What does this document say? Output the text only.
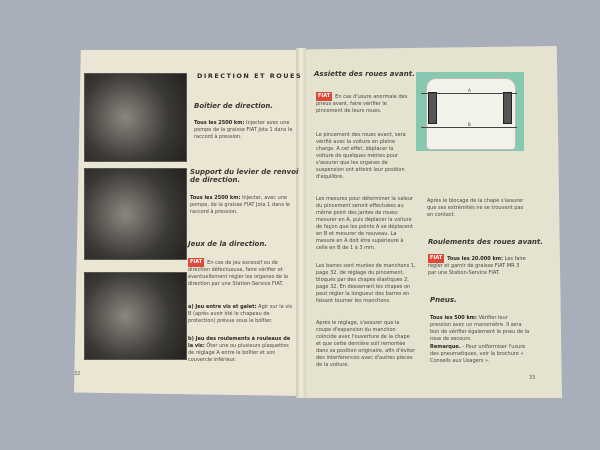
DIRECTION ET ROUES
Boîtier de direction.
Tous les 2500 km: Injecter avec une pompe de la graisse FIAT Jota 1 dans le raccord à pression.
Support du levier de renvoi de direction.
Tous les 2500 km: Injecter, avec une pompe, de la graisse FIAT Jota 1 dans le raccord à pression.
Jeux de la direction.
FIAT En cas de jeu excessif ou de direction défectueuse, faire vérifier et éventuellement régler les organes de la direction par une Station-Service FIAT.
a) Jeu entre vis et galet: Agir sur la vis B (après avoir ôté le chapeau de protection) prévue sous le boîtier.
b) Jeu des roulements à rouleaux de la vis: Ôter une ou plusieurs plaquettes de réglage A entre le boîtier et son couvercle inférieur.
32
Assiette des roues avant.
FIAT En cas d'usure anormale des pneus avant, faire vérifier le pincement de leurs roues.
Le pincement des roues avant, sera vérifié avec la voiture en pleine charge. A cet effet, déplacer la voiture de quelques mètres pour s'assurer que les organes de suspension ont atteint leur position d'équilibre.
Les mesures pour déterminer la valeur du pincement seront effectuées au même point des jantes de roues: mesurer en A, puis déplacer la voiture de façon que les points A se déplacent en B et mesurer de nouveau. La mesure en A doit être supérieure à celle en B de 1 à 3 mm.
Les barres sont munies de manchons 1, page 32, de réglage du pincement, bloqués par des chapes élastiques 2, page 32. En desserrant les chapes on peut régler la longueur des barres en faisant tourner les manchons.
Après le réglage, s'assurer que la coupe d'expansion du manchon coïncide avec l'ouverture de la chape et que cette dernière soit remontée dans sa position originaire, afin d'éviter des interférences avec d'autres pièces de la voiture.
A
B
Après le blocage de la chape s'assurer que ses extrémités ne se trouvent pas en contact.
Roulements des roues avant.
FIAT Tous les 20.000 km: Les faire régler et garnir de graisse FIAT MR 3 par une Station-Service FIAT.
Pneus.
Tous les 500 km: Vérifier leur pression avec un manomètre. Il sera bon de vérifier également le pneu de la roue de secours.
Remarque. - Pour uniformiser l'usure des pneumatiques, voir la brochure « Conseils aux Usagers ».
33
